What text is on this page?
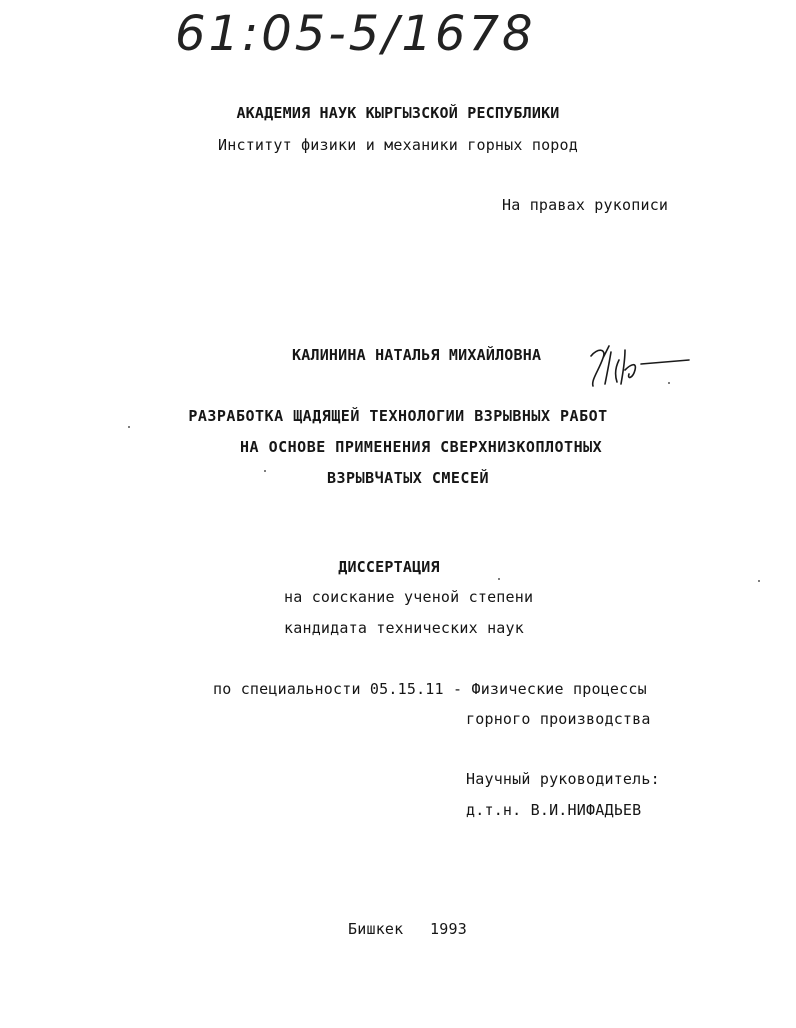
61:05-5/1678
АКАДЕМИЯ НАУК КЫРГЫЗСКОЙ РЕСПУБЛИКИ
Институт физики и механики горных пород
На правах рукописи
КАЛИНИНА НАТАЛЬЯ МИХАЙЛОВНА
РАЗРАБОТКА ЩАДЯЩЕЙ ТЕХНОЛОГИИ ВЗРЫВНЫХ РАБОТ
НА ОСНОВЕ ПРИМЕНЕНИЯ СВЕРХНИЗКОПЛОТНЫХ
ВЗРЫВЧАТЫХ СМЕСЕЙ
ДИССЕРТАЦИЯ
на соискание ученой степени
кандидата технических наук
по специальности 05.15.11 - Физические процессы
горного производства
Научный руководитель:
д.т.н. В.И.НИФАДЬЕВ
Бишкек 1993
